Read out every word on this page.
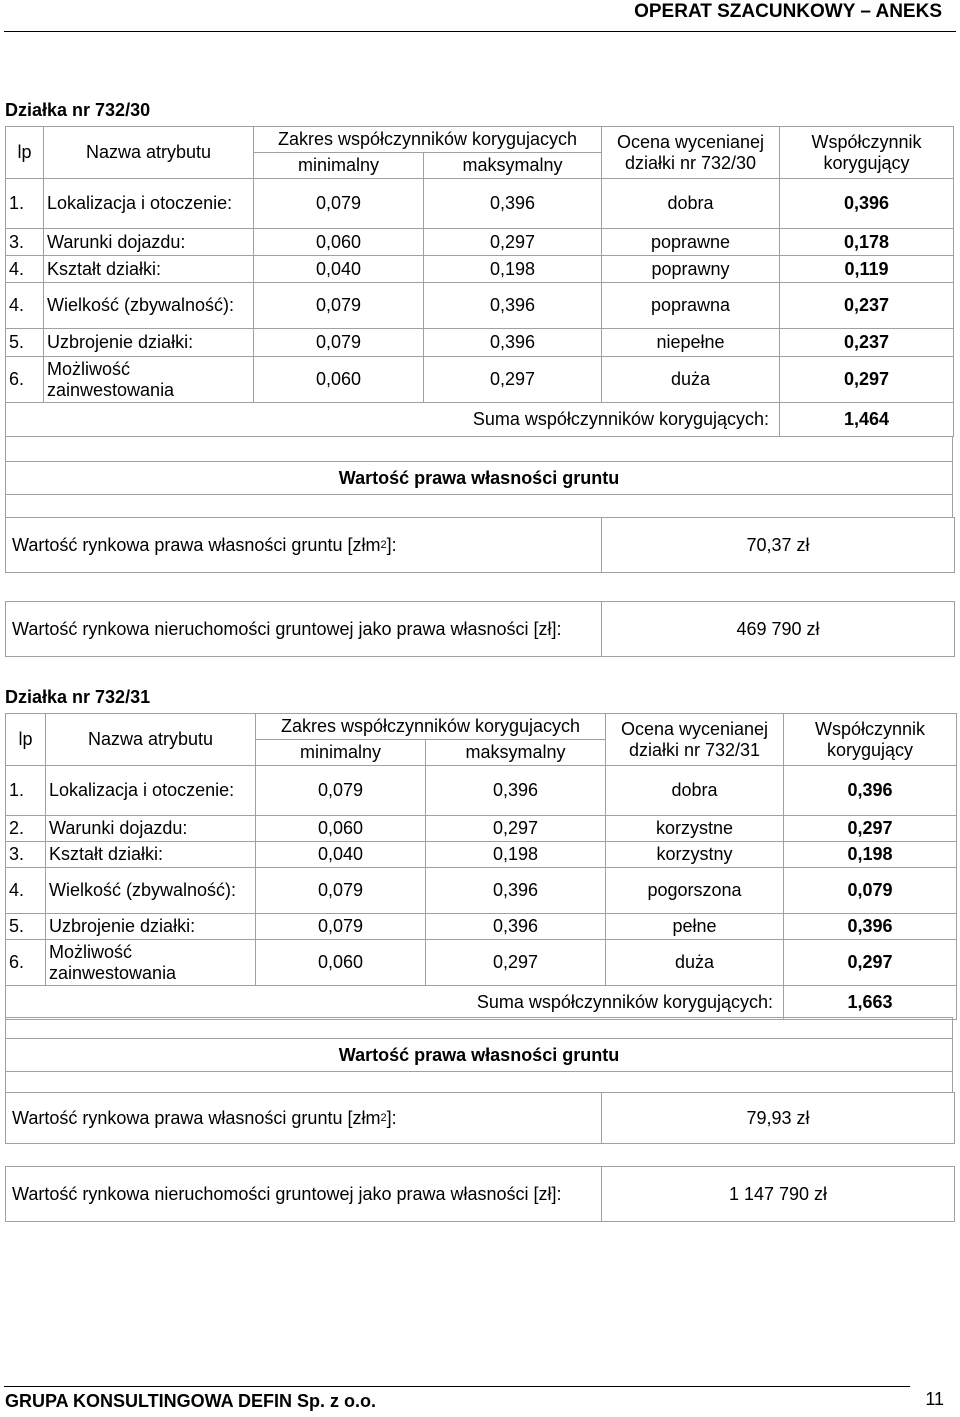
OPERAT SZACUNKOWY – ANEKS
Działka nr 732/30
lp	Nazwa atrybutu	Zakres współczynników korygujacych		Ocena wycenianej działki nr 732/30	Współczynnik korygujący
		minimalny	maksymalny		
1.	Lokalizacja i otoczenie:	0,079	0,396	dobra	0,396
3.	Warunki dojazdu:	0,060	0,297	poprawne	0,178
4.	Kształt działki:	0,040	0,198	poprawny	0,119
4.	Wielkość (zbywalność):	0,079	0,396	poprawna	0,237
5.	Uzbrojenie działki:	0,079	0,396	niepełne	0,237
6.	Możliwość zainwestowania	0,060	0,297	duża	0,297
Suma współczynników korygujących:					1,464
Wartość prawa własności gruntu
Wartość rynkowa prawa własności gruntu [złm 2 ]:	70,37 zł
Wartość rynkowa nieruchomości gruntowej jako prawa własności [zł]:	469 790 zł
Działka nr 732/31
lp	Nazwa atrybutu	Zakres współczynników korygujacych		Ocena wycenianej działki nr 732/31	Współczynnik korygujący
		minimalny	maksymalny		
1.	Lokalizacja i otoczenie:	0,079	0,396	dobra	0,396
2.	Warunki dojazdu:	0,060	0,297	korzystne	0,297
3.	Kształt działki:	0,040	0,198	korzystny	0,198
4.	Wielkość (zbywalność):	0,079	0,396	pogorszona	0,079
5.	Uzbrojenie działki:	0,079	0,396	pełne	0,396
6.	Możliwość zainwestowania	0,060	0,297	duża	0,297
Suma współczynników korygujących:					1,663
Wartość prawa własności gruntu
Wartość rynkowa prawa własności gruntu [złm 2 ]:	79,93 zł
Wartość rynkowa nieruchomości gruntowej jako prawa własności [zł]:	1 147 790 zł
GRUPA KONSULTINGOWA DEFIN Sp. z o.o.	11
